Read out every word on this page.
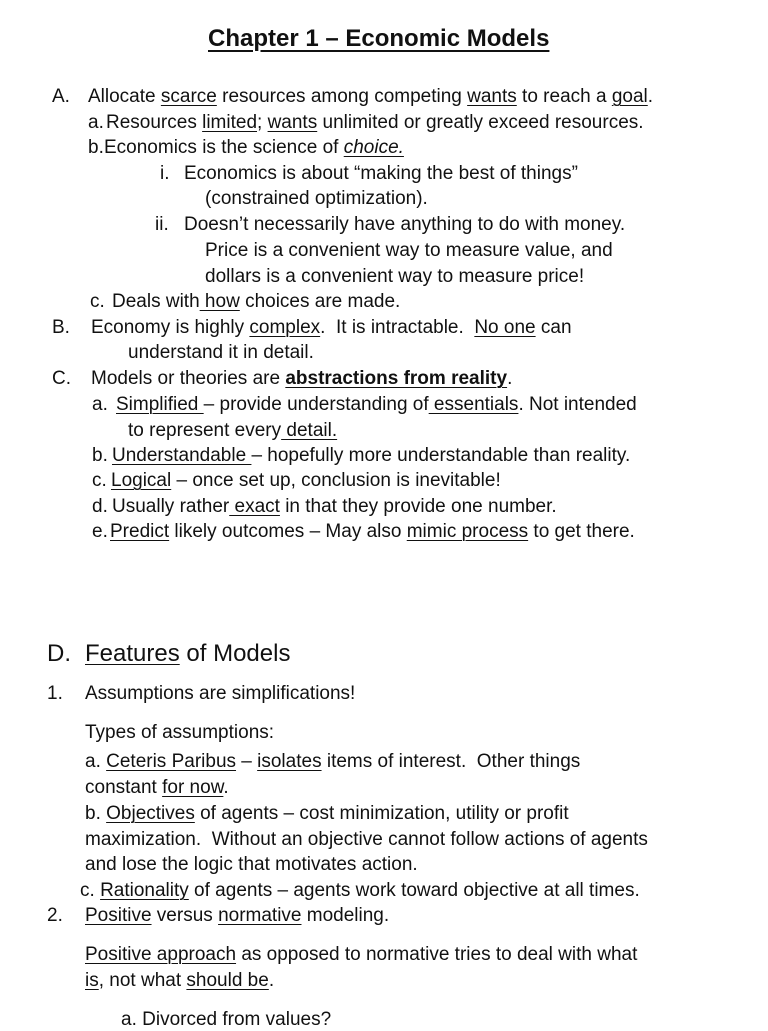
Chapter 1 – Economic Models
A. Allocate scarce resources among competing wants to reach a goal.
a. Resources limited; wants unlimited or greatly exceed resources.
b. Economics is the science of choice.
i. Economics is about “making the best of things”
(constrained optimization).
ii. Doesn’t necessarily have anything to do with money.
Price is a convenient way to measure value, and
dollars is a convenient way to measure price!
c. Deals with how choices are made.
B. Economy is highly complex.  It is intractable.  No one can
understand it in detail.
C. Models or theories are abstractions from reality.
a. Simplified – provide understanding of essentials. Not intended
to represent every detail.
b. Understandable – hopefully more understandable than reality.
c. Logical – once set up, conclusion is inevitable!
d. Usually rather exact in that they provide one number.
e. Predict likely outcomes – May also mimic process to get there.
D. Features of Models
1. Assumptions are simplifications!
Types of assumptions:
a. Ceteris Paribus – isolates items of interest.  Other things
constant for now.
b. Objectives of agents – cost minimization, utility or profit
maximization.  Without an objective cannot follow actions of agents
and lose the logic that motivates action.
c. Rationality of agents – agents work toward objective at all times.
2. Positive versus normative modeling.
Positive approach as opposed to normative tries to deal with what
is, not what should be.
a. Divorced from values?
